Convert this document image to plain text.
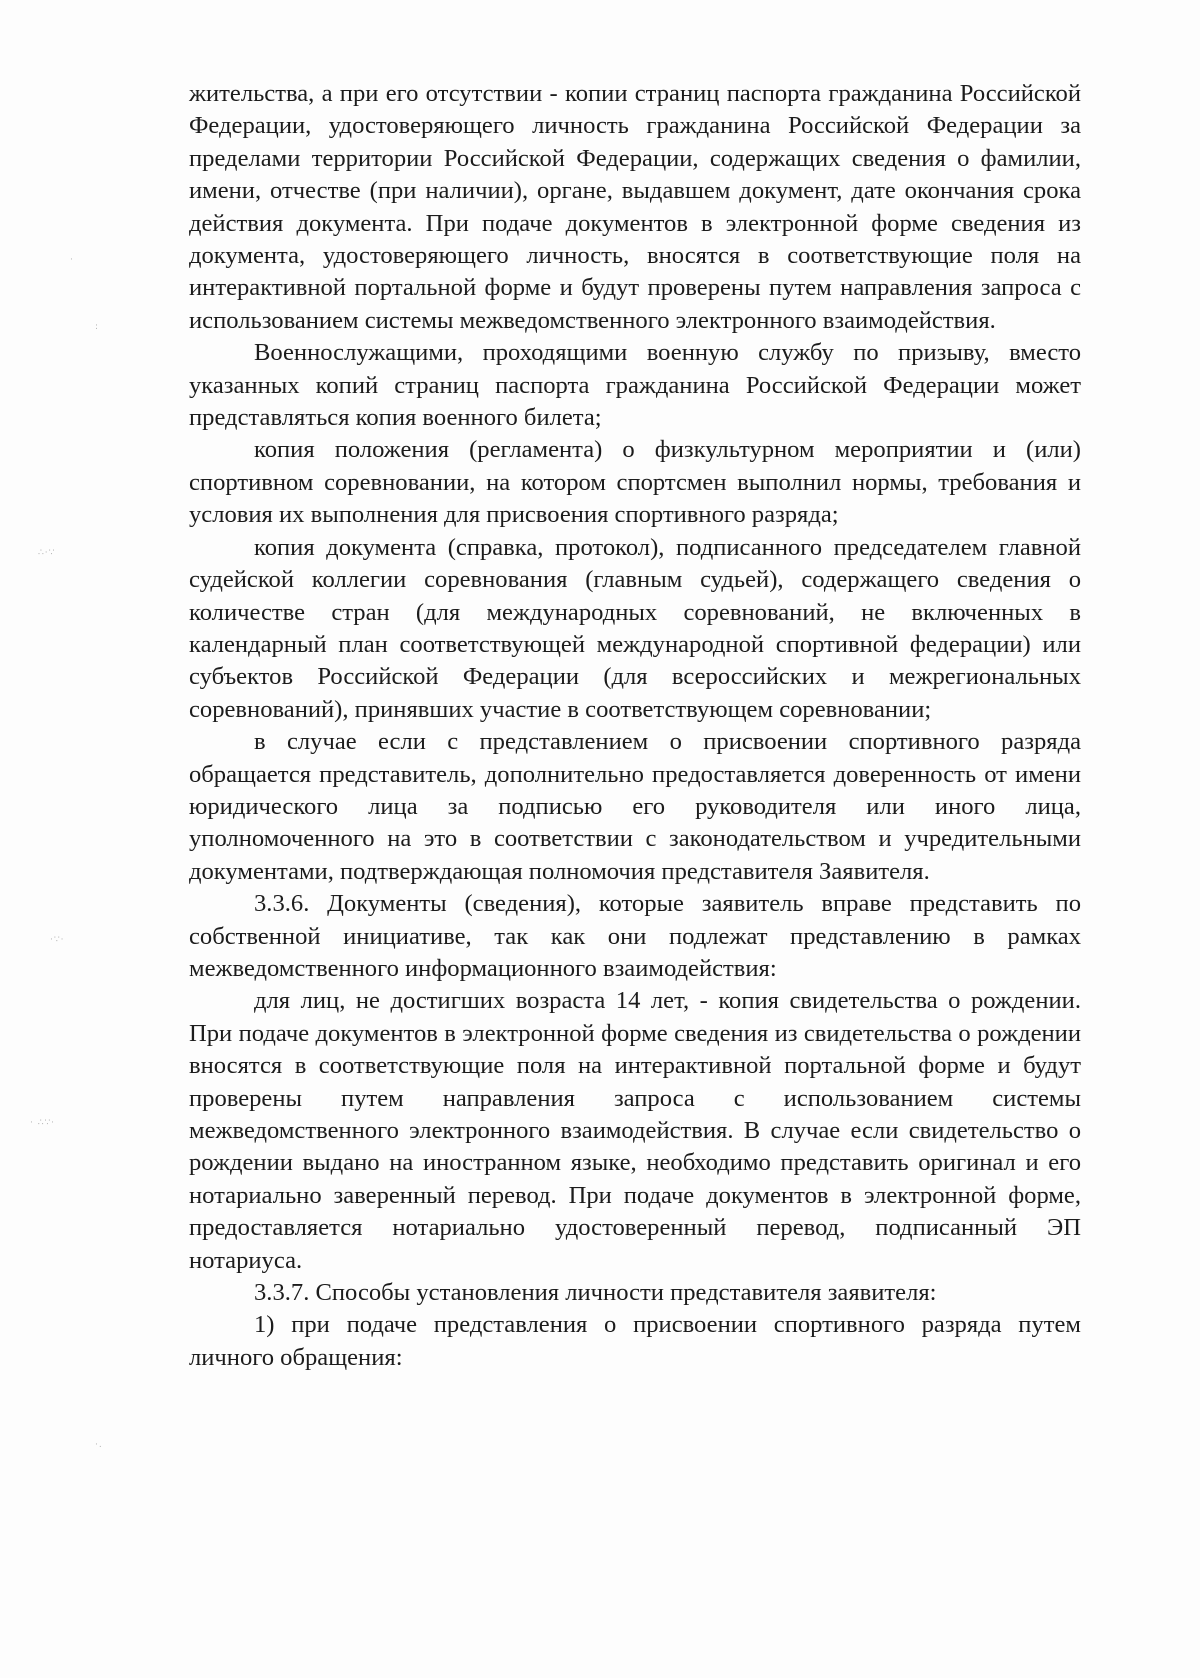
·
:
∴·∵
·∵·
· ∴∵·
·.

жительства, а при его отсутствии - копии страниц паспорта гражданина Российской Федерации, удостоверяющего личность гражданина Российской Федерации за пределами территории Российской Федерации, содержащих сведения о фамилии, имени, отчестве (при наличии), органе, выдавшем документ, дате окончания срока действия документа. При подаче документов в электронной форме сведения из документа, удостоверяющего личность, вносятся в соответствующие поля на интерактивной портальной форме и будут проверены путем направления запроса с использованием системы межведомственного электронного взаимодействия.

Военнослужащими, проходящими военную службу по призыву, вместо указанных копий страниц паспорта гражданина Российской Федерации может представляться копия военного билета;

копия положения (регламента) о физкультурном мероприятии и (или) спортивном соревновании, на котором спортсмен выполнил нормы, требования и условия их выполнения для присвоения спортивного разряда;

копия документа (справка, протокол), подписанного председателем главной судейской коллегии соревнования (главным судьей), содержащего сведения о количестве стран (для международных соревнований, не включенных в календарный план соответствующей международной спортивной федерации) или субъектов Российской Федерации (для всероссийских и межрегиональных соревнований), принявших участие в соответствующем соревновании;

в случае если с представлением о присвоении спортивного разряда обращается представитель, дополнительно предоставляется доверенность от имени юридического лица за подписью его руководителя или иного лица, уполномоченного на это в соответствии с законодательством и учредительными документами, подтверждающая полномочия представителя Заявителя.

3.3.6. Документы (сведения), которые заявитель вправе представить по собственной инициативе, так как они подлежат представлению в рамках межведомственного информационного взаимодействия:

для лиц, не достигших возраста 14 лет, - копия свидетельства о рождении. При подаче документов в электронной форме сведения из свидетельства о рождении вносятся в соответствующие поля на интерактивной портальной форме и будут проверены путем направления запроса с использованием системы межведомственного электронного взаимодействия. В случае если свидетельство о рождении выдано на иностранном языке, необходимо представить оригинал и его нотариально заверенный перевод. При подаче документов в электронной форме, предоставляется нотариально удостоверенный перевод, подписанный ЭП нотариуса.

3.3.7. Способы установления личности представителя заявителя:

1) при подаче представления о присвоении спортивного разряда путем личного обращения:
